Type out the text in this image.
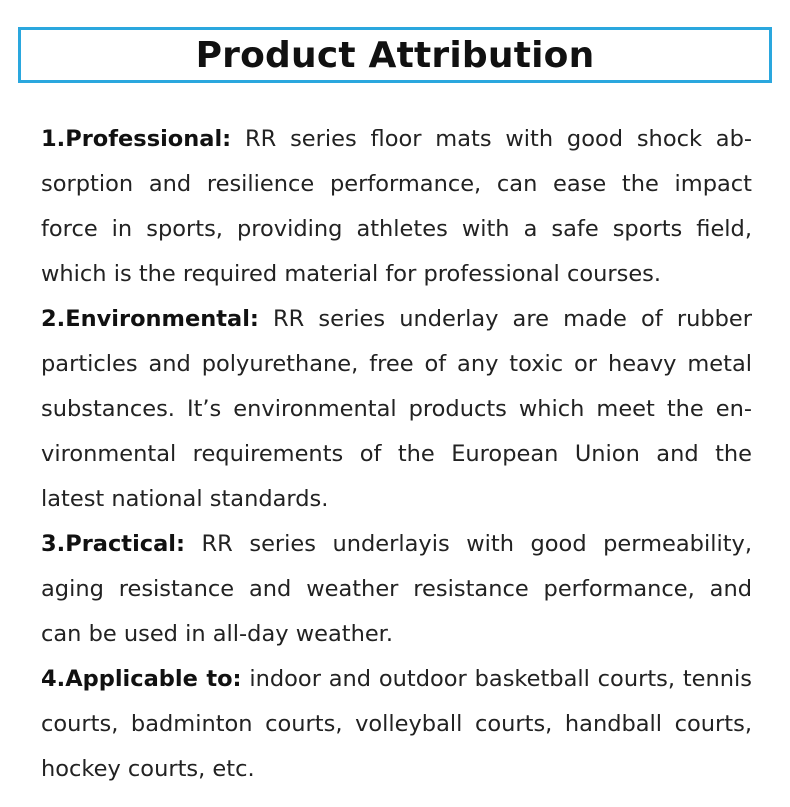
Product Attribution

1.Professional: RR series floor mats with good shock absorption and resilience performance, can ease the impact force in sports, providing athletes with a safe sports field, which is the required material for professional courses.

2.Environmental: RR series underlay are made of rubber particles and polyurethane, free of any toxic or heavy metal substances. It’s environmental products which meet the environmental requirements of the European Union and the latest national standards.

3.Practical: RR series underlayis with good permeability, aging resistance and weather resistance performance, and can be used in all-day weather.

4.Applicable to: indoor and outdoor basketball courts, tennis courts, badminton courts, volleyball courts, handball courts, hockey courts, etc.
